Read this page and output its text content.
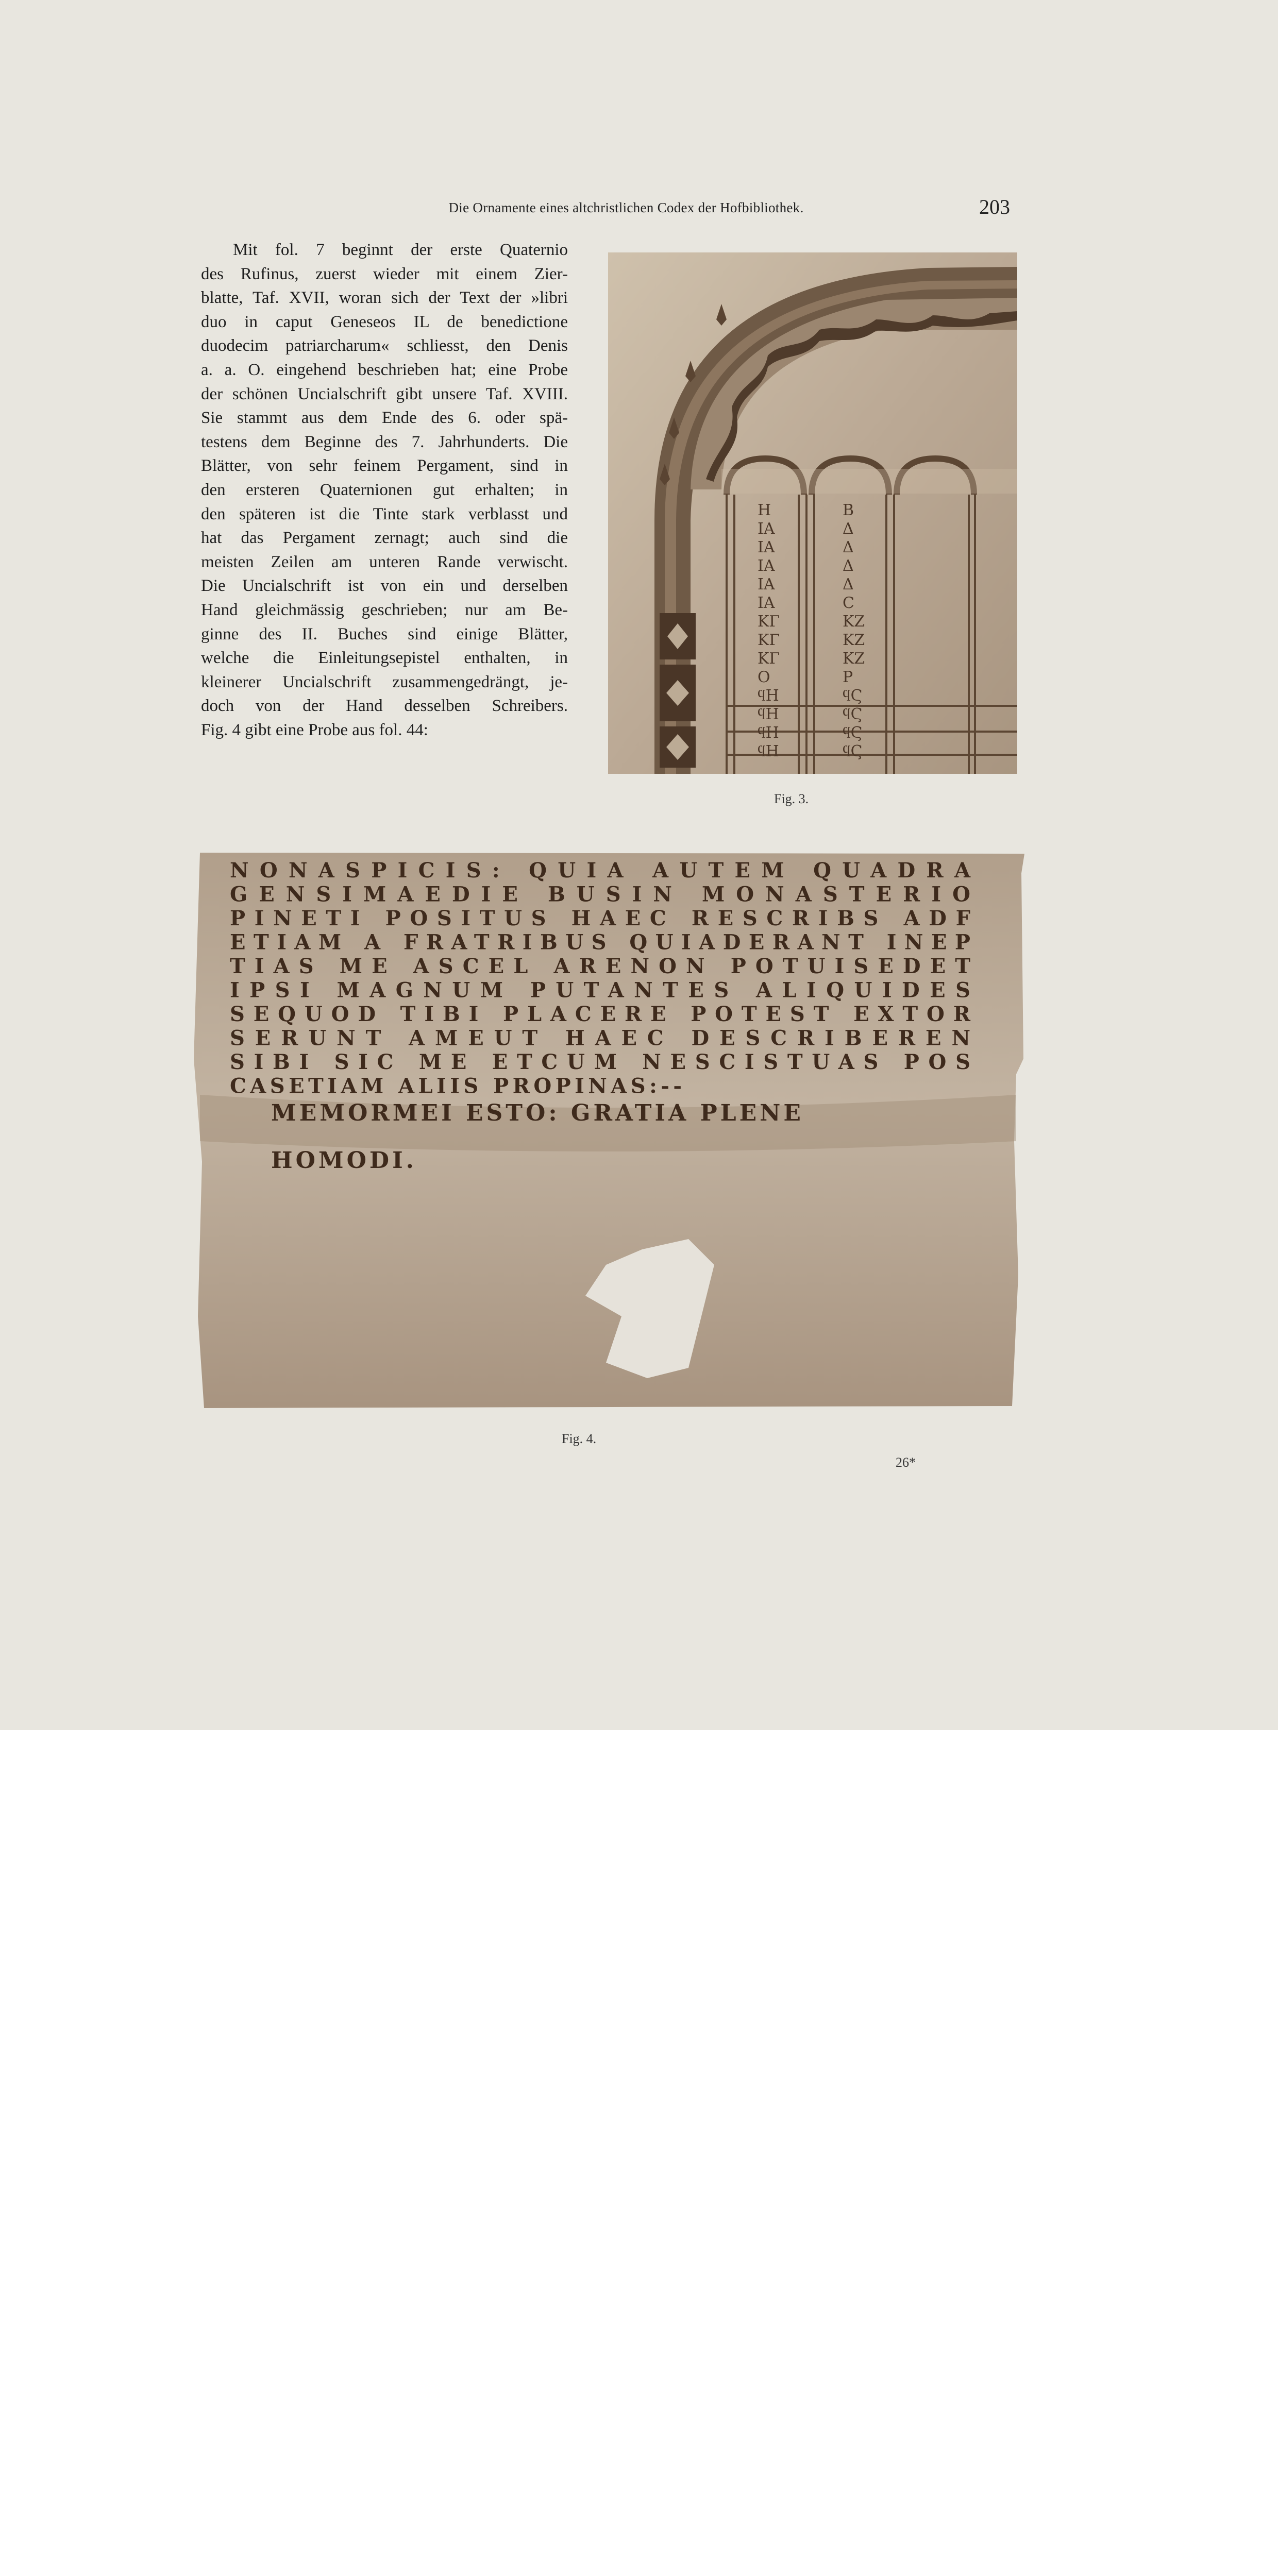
Die Ornamente eines altchristlichen Codex der Hofbibliothek.	203
Mit fol. 7 beginnt der erste Quaternio
des Rufinus, zuerst wieder mit einem Zier-
blatte, Taf. XVII, woran sich der Text der »libri
duo in caput Geneseos IL de benedictione
duodecim patriarcharum« schliesst, den Denis
a. a. O. eingehend beschrieben hat; eine Probe
der schönen Uncialschrift gibt unsere Taf. XVIII.
Sie stammt aus dem Ende des 6. oder spä-
testens dem Beginne des 7. Jahrhunderts. Die
Blätter, von sehr feinem Pergament, sind in
den ersteren Quaternionen gut erhalten; in
den späteren ist die Tinte stark verblasst und
hat das Pergament zernagt; auch sind die
meisten Zeilen am unteren Rande verwischt.
Die Uncialschrift ist von ein und derselben
Hand gleichmässig geschrieben; nur am Be-
ginne des II. Buches sind einige Blätter,
welche die Einleitungsepistel enthalten, in
kleinerer Uncialschrift zusammengedrängt, je-
doch von der Hand desselben Schreibers.
Fig. 4 gibt eine Probe aus fol. 44:
Η
ΙΑ
ΙΑ
ΙΑ
ΙΑ
ΙΑ
ΚΓ
ΚΓ
ΚΓ
Ο
ϥΗ
ϥΗ
ϥΗ
ϥΗ
Β
Δ
Δ
Δ
Δ
Ϲ
ΚΖ
ΚΖ
ΚΖ
Ρ
ϥϚ
ϥϚ
ϥϚ
ϥϚ
Fig. 3.
NONASPICIS: QUIA AUTEM QUADRA
GENSIMAEDIE BUSIN MONASTERIO
PINETI POSITUS HAEC RESCRIBS ADF
ETIAM A FRATRIBUS QUIADERANT INEP
TIAS ME ASCEL ARENON POTUISEDET
IPSI MAGNUM PUTANTES ALIQUIDES
SEQUOD TIBI PLACERE POTEST EXTOR
SERUNT AMEUT HAEC DESCRIBEREN
SIBI SIC ME ETCUM NESCISTUAS POS
CASETIAM ALIIS PROPINAS:--
MEMORMEI ESTO: GRATIA PLENE
HOMODI.
Fig. 4.
26*
